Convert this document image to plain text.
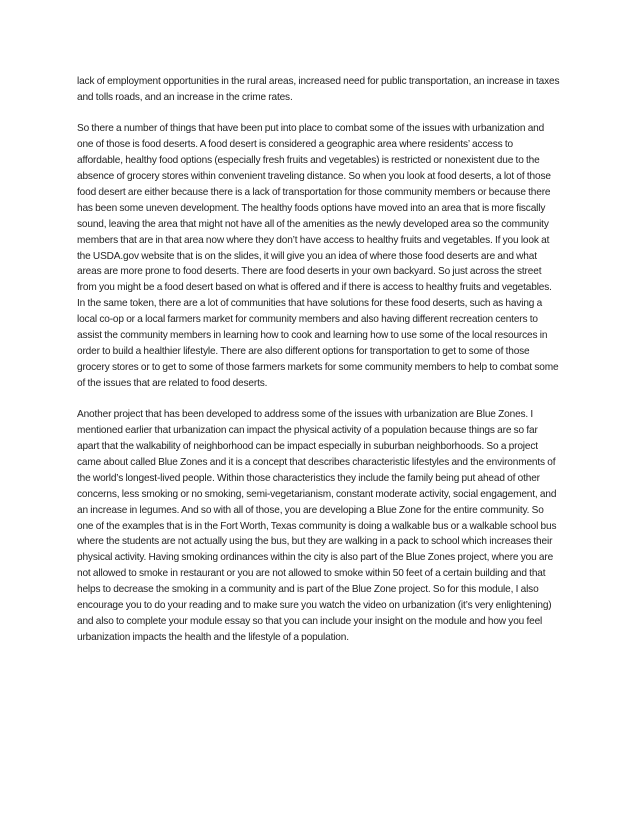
lack of employment opportunities in the rural areas, increased need for public transportation, an increase in taxes and tolls roads, and an increase in the crime rates.

So there a number of things that have been put into place to combat some of the issues with urbanization and one of those is food deserts. A food desert is considered a geographic area where residents’ access to affordable, healthy food options (especially fresh fruits and vegetables) is restricted or nonexistent due to the absence of grocery stores within convenient traveling distance. So when you look at food deserts, a lot of those food desert are either because there is a lack of transportation for those community members or because there has been some uneven development. The healthy foods options have moved into an area that is more fiscally sound, leaving the area that might not have all of the amenities as the newly developed area so the community members that are in that area now where they don’t have access to healthy fruits and vegetables. If you look at the USDA.gov website that is on the slides, it will give you an idea of where those food deserts are and what areas are more prone to food deserts. There are food deserts in your own backyard. So just across the street from you might be a food desert based on what is offered and if there is access to healthy fruits and vegetables. In the same token, there are a lot of communities that have solutions for these food deserts, such as having a local co-op or a local farmers market for community members and also having different recreation centers to assist the community members in learning how to cook and learning how to use some of the local resources in order to build a healthier lifestyle. There are also different options for transportation to get to some of those grocery stores or to get to some of those farmers markets for some community members to help to combat some of the issues that are related to food deserts.

Another project that has been developed to address some of the issues with urbanization are Blue Zones. I mentioned earlier that urbanization can impact the physical activity of a population because things are so far apart that the walkability of neighborhood can be impact especially in suburban neighborhoods. So a project came about called Blue Zones and it is a concept that describes characteristic lifestyles and the environments of the world’s longest-lived people. Within those characteristics they include the family being put ahead of other concerns, less smoking or no smoking, semi-vegetarianism, constant moderate activity, social engagement, and an increase in legumes. And so with all of those, you are developing a Blue Zone for the entire community. So one of the examples that is in the Fort Worth, Texas community is doing a walkable bus or a walkable school bus where the students are not actually using the bus, but they are walking in a pack to school which increases their physical activity. Having smoking ordinances within the city is also part of the Blue Zones project, where you are not allowed to smoke in restaurant or you are not allowed to smoke within 50 feet of a certain building and that helps to decrease the smoking in a community and is part of the Blue Zone project. So for this module, I also encourage you to do your reading and to make sure you watch the video on urbanization (it’s very enlightening) and also to complete your module essay so that you can include your insight on the module and how you feel urbanization impacts the health and the lifestyle of a population.
